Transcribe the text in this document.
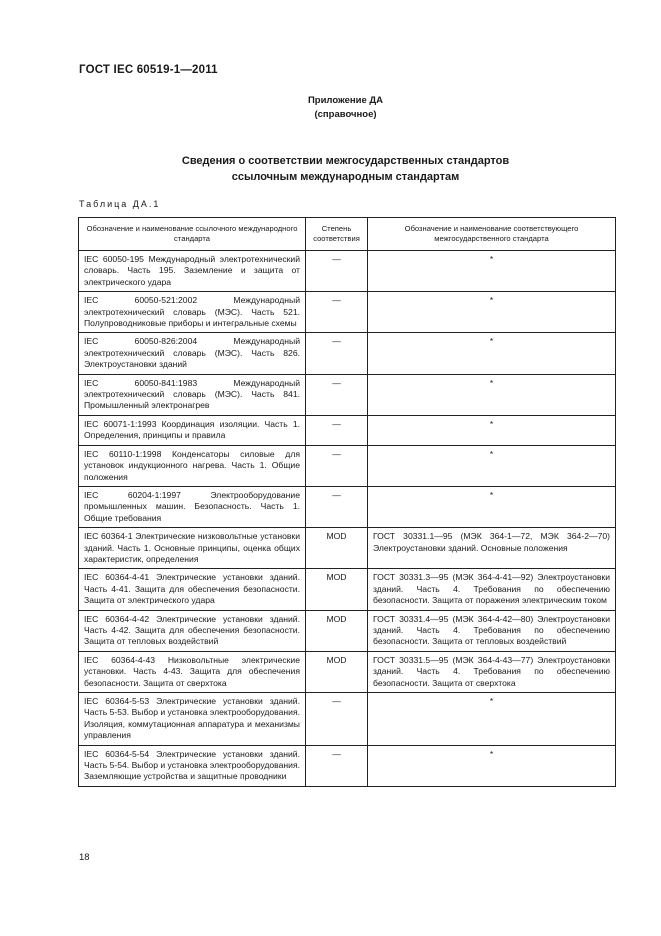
ГОСТ IEC 60519-1—2011
Приложение ДА
(справочное)
Сведения о соответствии межгосударственных стандартов
ссылочным международным стандартам
Таблица ДА.1
Обозначение и наименование ссылочного международного стандарта	Степень соответствия	Обозначение и наименование соответствующего межгосударственного стандарта
IEC 60050-195 Международный электротехнический словарь. Часть 195. Заземление и защита от электрического удара	—	*
IEC 60050-521:2002 Международный электротехнический словарь (МЭС). Часть 521. Полупроводниковые приборы и интегральные схемы	—	*
IEC 60050-826:2004 Международный электротехнический словарь (МЭС). Часть 826. Электроустановки зданий	—	*
IEC 60050-841:1983 Международный электротехнический словарь (МЭС). Часть 841. Промышленный электронагрев	—	*
IEC 60071-1:1993 Координация изоляции. Часть 1. Определения, принципы и правила	—	*
IEC 60110-1:1998 Конденсаторы силовые для установок индукционного нагрева. Часть 1. Общие положения	—	*
IEC 60204-1:1997 Электрооборудование промышленных машин. Безопасность. Часть 1. Общие требования	—	*
IEC 60364-1 Электрические низковольтные установки зданий. Часть 1. Основные принципы, оценка общих характеристик, определения	MOD	ГОСТ 30331.1—95 (МЭК 364-1—72, МЭК 364-2—70) Электроустановки зданий. Основные положения
IEC 60364-4-41 Электрические установки зданий. Часть 4-41. Защита для обеспечения безопасности. Защита от электрического удара	MOD	ГОСТ 30331.3—95 (МЭК 364-4-41—92) Электроустановки зданий. Часть 4. Требования по обеспечению безопасности. Защита от поражения электрическим током
IEC 60364-4-42 Электрические установки зданий. Часть 4-42. Защита для обеспечения безопасности. Защита от тепловых воздействий	MOD	ГОСТ 30331.4—95 (МЭК 364-4-42—80) Электроустановки зданий. Часть 4. Требования по обеспечению безопасности. Защита от тепловых воздействий
IEC 60364-4-43 Низковольтные электрические установки. Часть 4-43. Защита для обеспечения безопасности. Защита от сверхтока	MOD	ГОСТ 30331.5—95 (МЭК 364-4-43—77) Электроустановки зданий. Часть 4. Требования по обеспечению безопасности. Защита от сверхтока
IEC 60364-5-53 Электрические установки зданий. Часть 5-53. Выбор и установка электрооборудования. Изоляция, коммутационная аппаратура и механизмы управления	—	*
IEC 60364-5-54 Электрические установки зданий. Часть 5-54. Выбор и установка электрооборудования. Заземляющие устройства и защитные проводники	—	*
18
